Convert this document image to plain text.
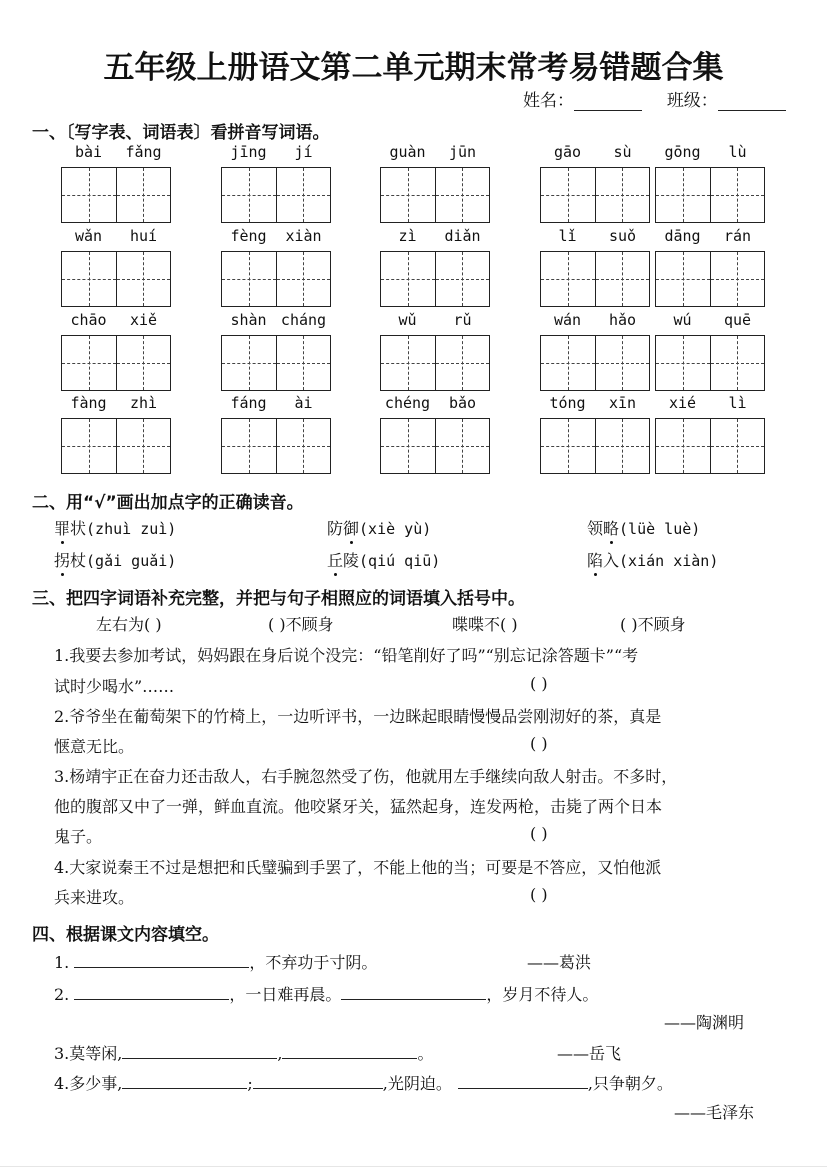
五年级上册语文第二单元期末常考易错题合集
姓名：	班级：
一、〔写字表、词语表〕看拼音写词语。
bài	fǎng	jīng	jí	guàn	jūn	gāo	sù	gōng	lù
wǎn	huí	fèng	xiàn	zì	diǎn	lǐ	suǒ	dāng	rán
chāo	xiě	shàn cháng	wǔ	rǔ	wán	hǎo	wú	quē
fàng	zhì	fáng	ài	chéng	bǎo	tóng	xīn	xié	lì
二、用“√”画出加点字的正确读音。
罪状(zhuì zuì)	防御(xiè yù)	领略(lüè luè)
拐杖(gǎi guǎi)	丘陵(qiú qiū)	陷入(xián xiàn)
三、把四字词语补充完整，并把与句子相照应的词语填入括号中。
左右为( )	( )不顾身	喋喋不( )	( )不顾身
1.我要去参加考试，妈妈跟在身后说个没完：“铅笔削好了吗”“别忘记涂答题卡”“考
试时少喝水”……	( )
2.爷爷坐在葡萄架下的竹椅上，一边听评书，一边眯起眼睛慢慢品尝刚沏好的茶，真是
惬意无比。	( )
3.杨靖宇正在奋力还击敌人，右手腕忽然受了伤，他就用左手继续向敌人射击。不多时，
他的腹部又中了一弹，鲜血直流。他咬紧牙关，猛然起身，连发两枪，击毙了两个日本
鬼子。	( )
4.大家说秦王不过是想把和氏璧骗到手罢了，不能上他的当；可要是不答应，又怕他派
兵来进攻。	( )
四、根据课文内容填空。
1.	，不弃功于寸阴。	——葛洪
2.	，一日难再晨。	，岁月不待人。
——陶渊明
3.莫等闲,	,	。	——岳飞
4.多少事,	;	,光阴迫。	,只争朝夕。
——毛泽东
